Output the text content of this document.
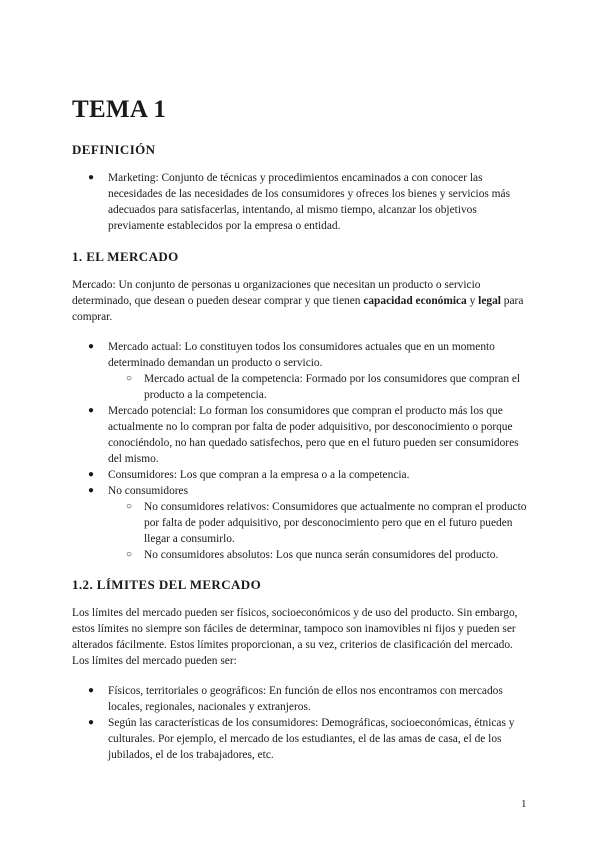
TEMA 1
DEFINICIÓN
● Marketing: Conjunto de técnicas y procedimientos encaminados a con conocer las necesidades de las necesidades de los consumidores y ofreces los bienes y servicios más adecuados para satisfacerlas, intentando, al mismo tiempo, alcanzar los objetivos previamente establecidos por la empresa o entidad.
1. EL MERCADO

Mercado: Un conjunto de personas u organizaciones que necesitan un producto o servicio determinado, que desean o pueden desear comprar y que tienen capacidad económica y legal para comprar.

● Mercado actual: Lo constituyen todos los consumidores actuales que en un momento determinado demandan un producto o servicio.
○ Mercado actual de la competencia: Formado por los consumidores que compran el producto a la competencia.
● Mercado potencial: Lo forman los consumidores que compran el producto más los que actualmente no lo compran por falta de poder adquisitivo, por desconocimiento o porque conociéndolo, no han quedado satisfechos, pero que en el futuro pueden ser consumidores del mismo.
● Consumidores: Los que compran a la empresa o a la competencia.
● No consumidores
○ No consumidores relativos: Consumidores que actualmente no compran el producto por falta de poder adquisitivo, por desconocimiento pero que en el futuro pueden llegar a consumirlo.
○ No consumidores absolutos: Los que nunca serán consumidores del producto.
1.2. LÍMITES DEL MERCADO

Los límites del mercado pueden ser físicos, socioeconómicos y de uso del producto. Sin embargo, estos límites no siempre son fáciles de determinar, tampoco son inamovibles ni fijos y pueden ser alterados fácilmente. Estos límites proporcionan, a su vez, criterios de clasificación del mercado. Los límites del mercado pueden ser:

● Físicos, territoriales o geográficos: En función de ellos nos encontramos con mercados locales, regionales, nacionales y extranjeros.
● Según las características de los consumidores: Demográficas, socioeconómicas, étnicas y culturales. Por ejemplo, el mercado de los estudiantes, el de las amas de casa, el de los jubilados, el de los trabajadores, etc.
1
